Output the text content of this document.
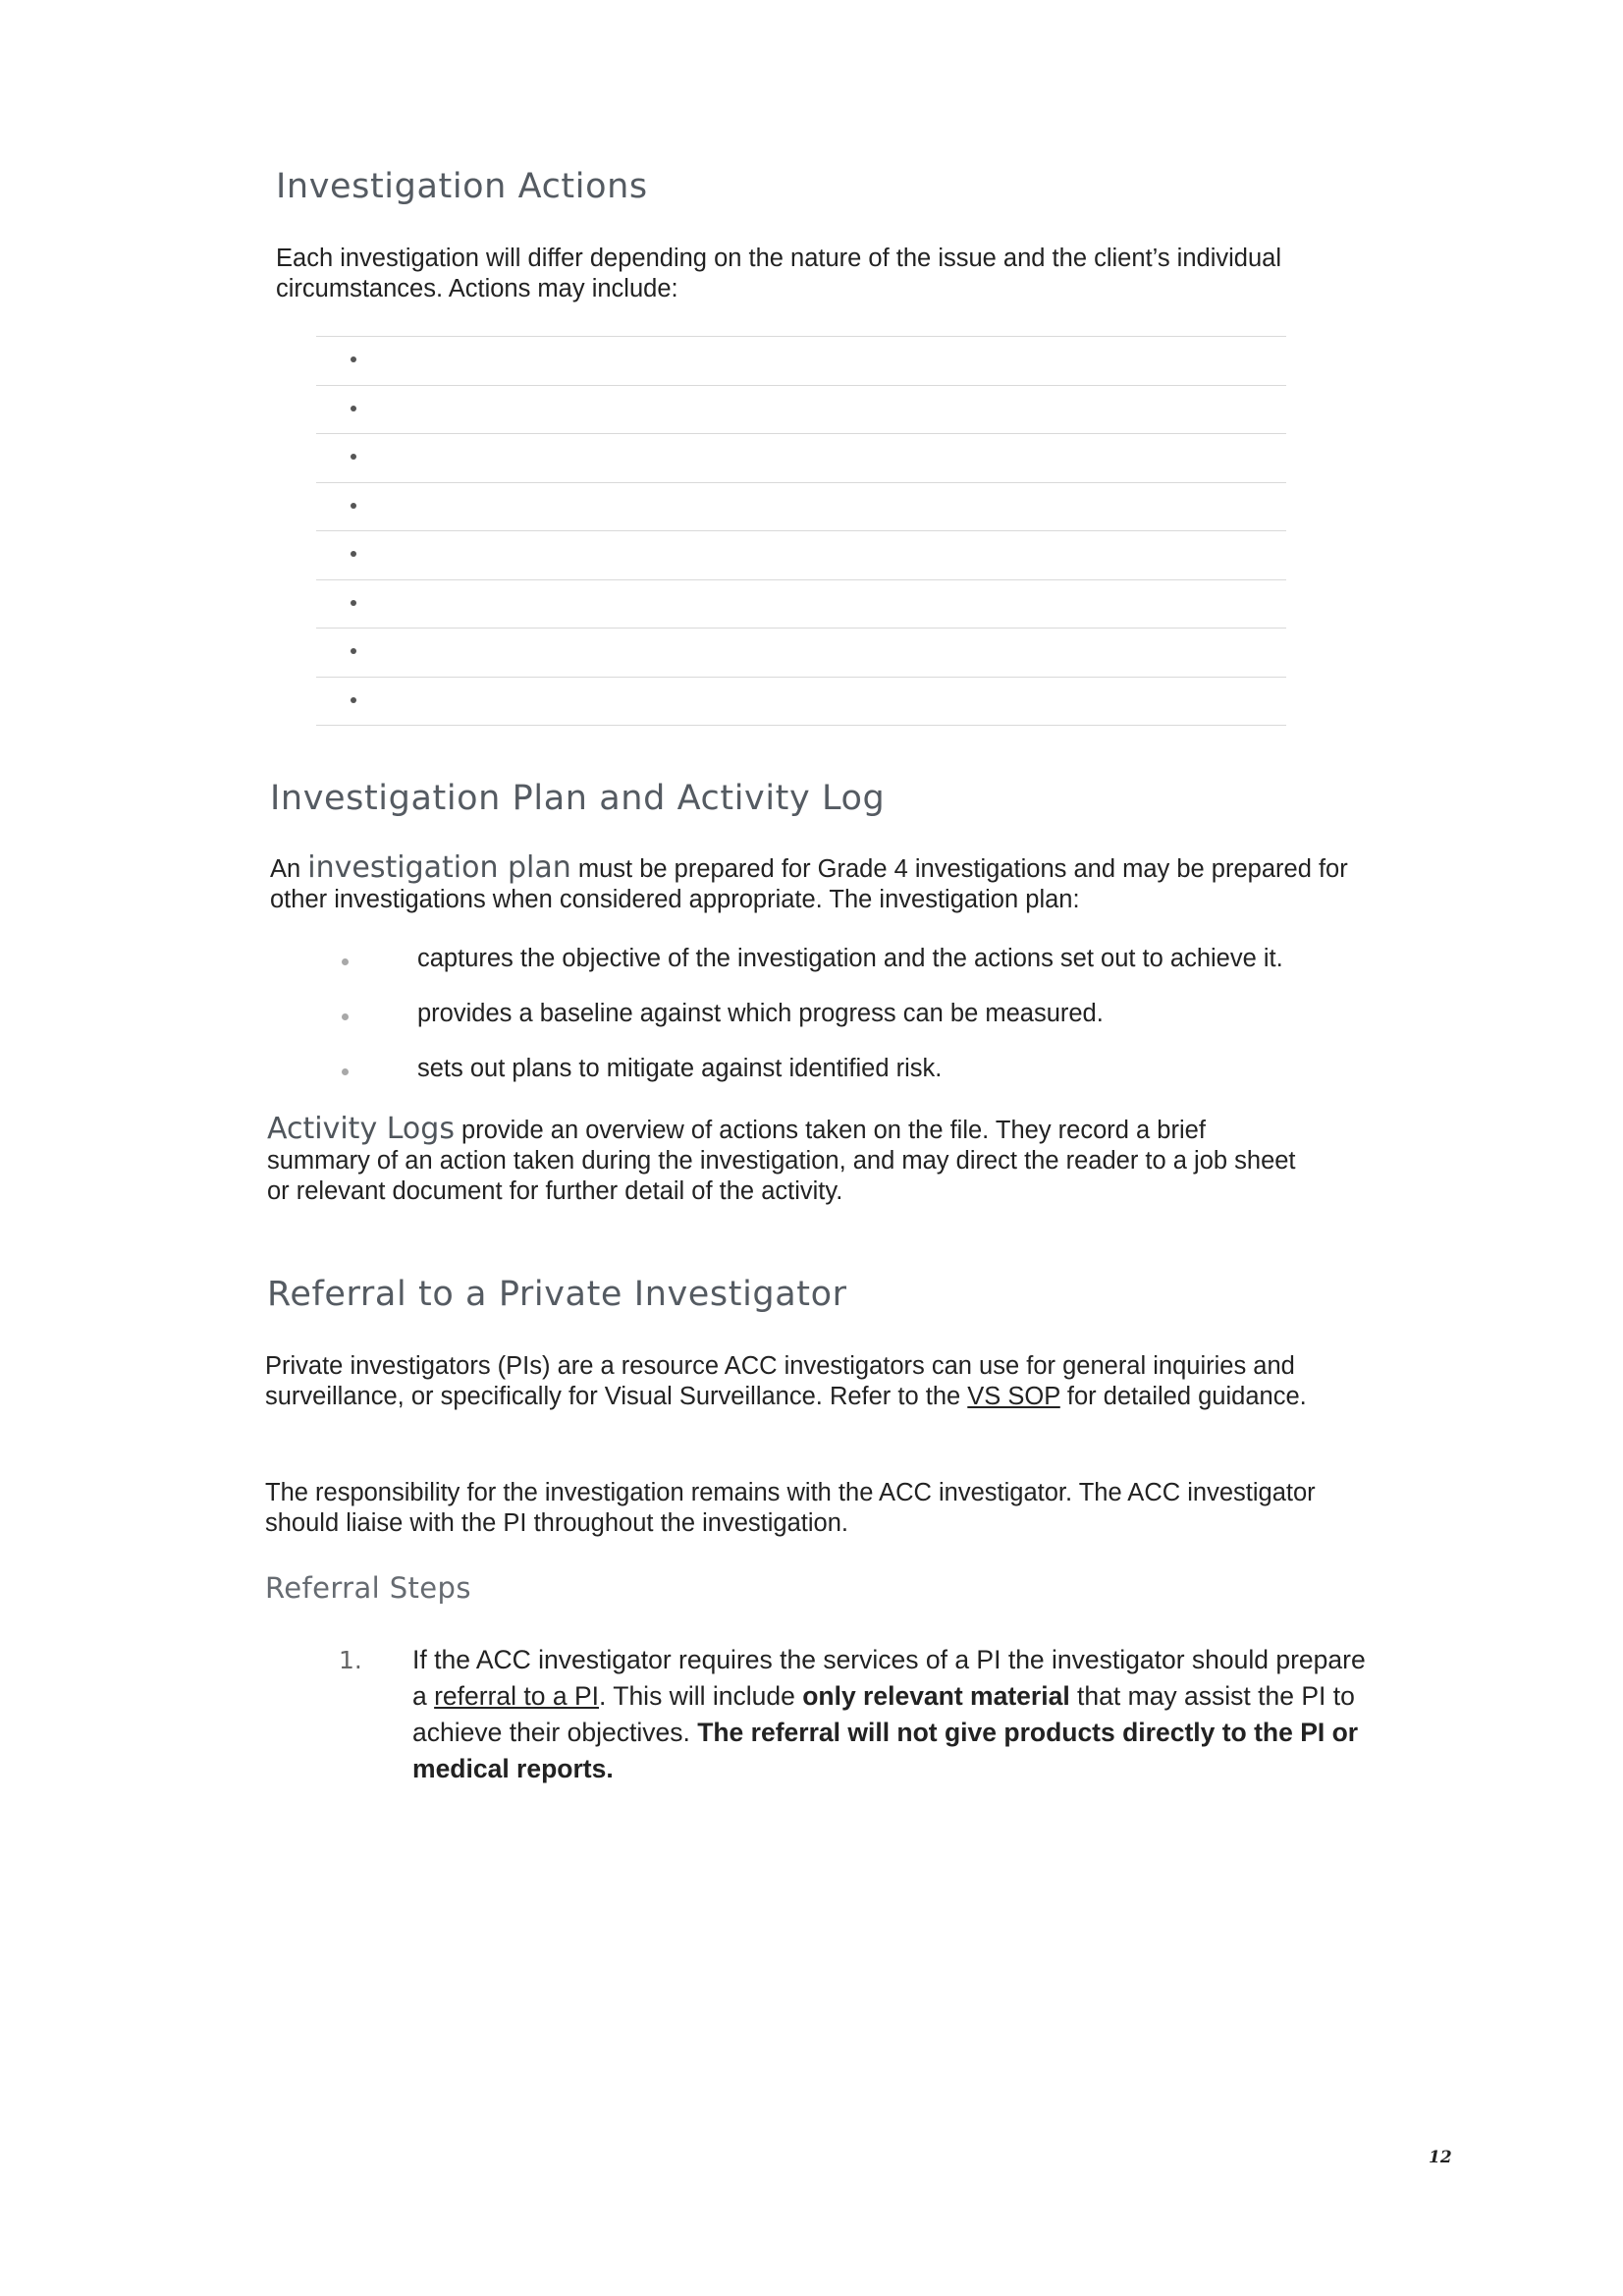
Investigation Actions

Each investigation will differ depending on the nature of the issue and the client’s individual

circumstances. Actions may include:

Investigation Plan and Activity Log

An investigation plan must be prepared for Grade 4 investigations and may be prepared for

other investigations when considered appropriate. The investigation plan:

captures the objective of the investigation and the actions set out to achieve it.
provides a baseline against which progress can be measured.
sets out plans to mitigate against identified risk.

Activity Logs provide an overview of actions taken on the file. They record a brief

summary of an action taken during the investigation, and may direct the reader to a job sheet

or relevant document for further detail of the activity.

Referral to a Private Investigator

Private investigators (PIs) are a resource ACC investigators can use for general inquiries and

surveillance, or specifically for Visual Surveillance. Refer to the VS SOP for detailed guidance.

The responsibility for the investigation remains with the ACC investigator. The ACC investigator

should liaise with the PI throughout the investigation.

Referral Steps
1. If the ACC investigator requires the services of a PI the investigator should prepare
a referral to a PI. This will include only relevant material that may assist the PI to
achieve their objectives. The referral will not give products directly to the PI or
medical reports.
12
